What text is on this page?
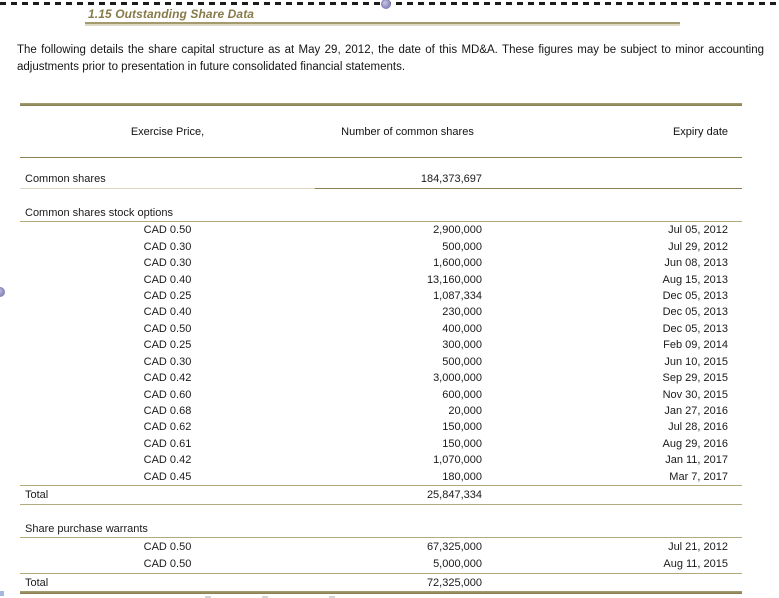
1.15 Outstanding Share Data
The following details the share capital structure as at May 29, 2012, the date of this MD&A. These figures may be subject to minor accounting adjustments prior to presentation in future consolidated financial statements.
Exercise Price,	Number of common shares	Expiry date
Common shares	184,373,697
Common shares stock options
CAD 0.50	2,900,000	Jul 05, 2012
CAD 0.30	500,000	Jul 29, 2012
CAD 0.30	1,600,000	Jun 08, 2013
CAD 0.40	13,160,000	Aug 15, 2013
CAD 0.25	1,087,334	Dec 05, 2013
CAD 0.40	230,000	Dec 05, 2013
CAD 0.50	400,000	Dec 05, 2013
CAD 0.25	300,000	Feb 09, 2014
CAD 0.30	500,000	Jun 10, 2015
CAD 0.42	3,000,000	Sep 29, 2015
CAD 0.60	600,000	Nov 30, 2015
CAD 0.68	20,000	Jan 27, 2016
CAD 0.62	150,000	Jul 28, 2016
CAD 0.61	150,000	Aug 29, 2016
CAD 0.42	1,070,000	Jan 11, 2017
CAD 0.45	180,000	Mar 7, 2017
Total	25,847,334
Share purchase warrants
CAD 0.50	67,325,000	Jul 21, 2012
CAD 0.50	5,000,000	Aug 11, 2015
Total	72,325,000
